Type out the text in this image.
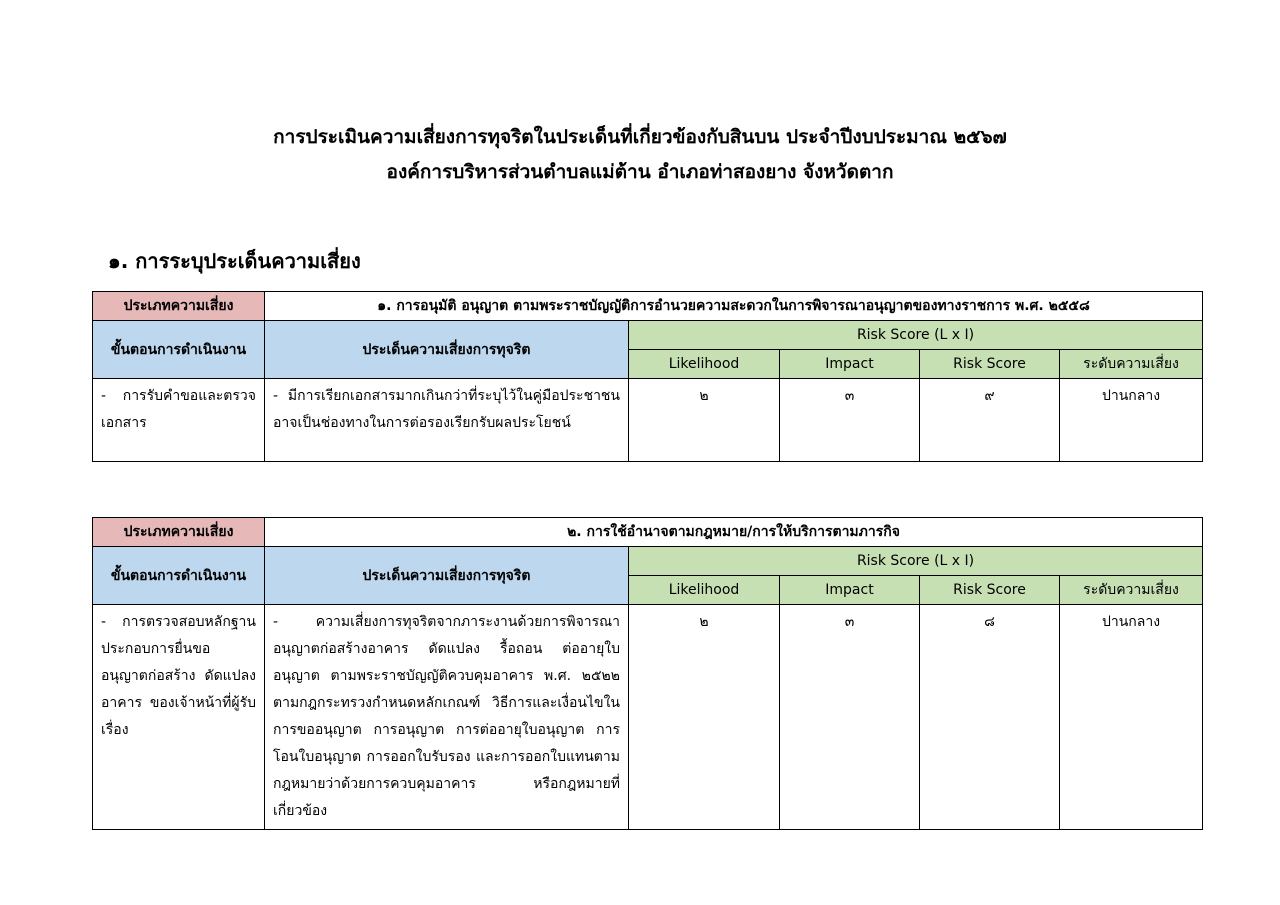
การประเมินความเสี่ยงการทุจริตในประเด็นที่เกี่ยวข้องกับสินบน ประจำปีงบประมาณ ๒๕๖๗
องค์การบริหารส่วนตำบลแม่ต้าน อำเภอท่าสองยาง จังหวัดตาก
๑. การระบุประเด็นความเสี่ยง
ประเภทความเสี่ยง	๑. การอนุมัติ อนุญาต ตามพระราชบัญญัติการอำนวยความสะดวกในการพิจารณาอนุญาตของทางราชการ พ.ศ. ๒๕๕๘				
ขั้นตอนการดำเนินงาน	ประเด็นความเสี่ยงการทุจริต	Risk Score (L x I)			
		Likelihood	Impact	Risk Score	ระดับความเสี่ยง
- การรับคำขอและตรวจเอกสาร	- มีการเรียกเอกสารมากเกินกว่าที่ระบุไว้ในคู่มือประชาชน อาจเป็นช่องทางในการต่อรองเรียกรับผลประโยชน์	๒	๓	๙	ปานกลาง
ประเภทความเสี่ยง	๒. การใช้อำนาจตามกฎหมาย/การให้บริการตามภารกิจ				
ขั้นตอนการดำเนินงาน	ประเด็นความเสี่ยงการทุจริต	Risk Score (L x I)			
		Likelihood	Impact	Risk Score	ระดับความเสี่ยง
- การตรวจสอบหลักฐานประกอบการยื่นขออนุญาตก่อสร้าง ดัดแปลงอาคาร ของเจ้าหน้าที่ผู้รับเรื่อง	- ความเสี่ยงการทุจริตจากภาระงานด้วยการพิจารณาอนุญาตก่อสร้างอาคาร ดัดแปลง รื้อถอน ต่ออายุใบอนุญาต ตามพระราชบัญญัติควบคุมอาคาร พ.ศ. ๒๕๒๒ ตามกฎกระทรวงกำหนดหลักเกณฑ์ วิธีการและเงื่อนไขในการขออนุญาต การอนุญาต การต่ออายุใบอนุญาต การโอนใบอนุญาต การออกใบรับรอง และการออกใบแทนตามกฎหมายว่าด้วยการควบคุมอาคาร หรือกฎหมายที่เกี่ยวข้อง	๒	๓	๘	ปานกลาง
